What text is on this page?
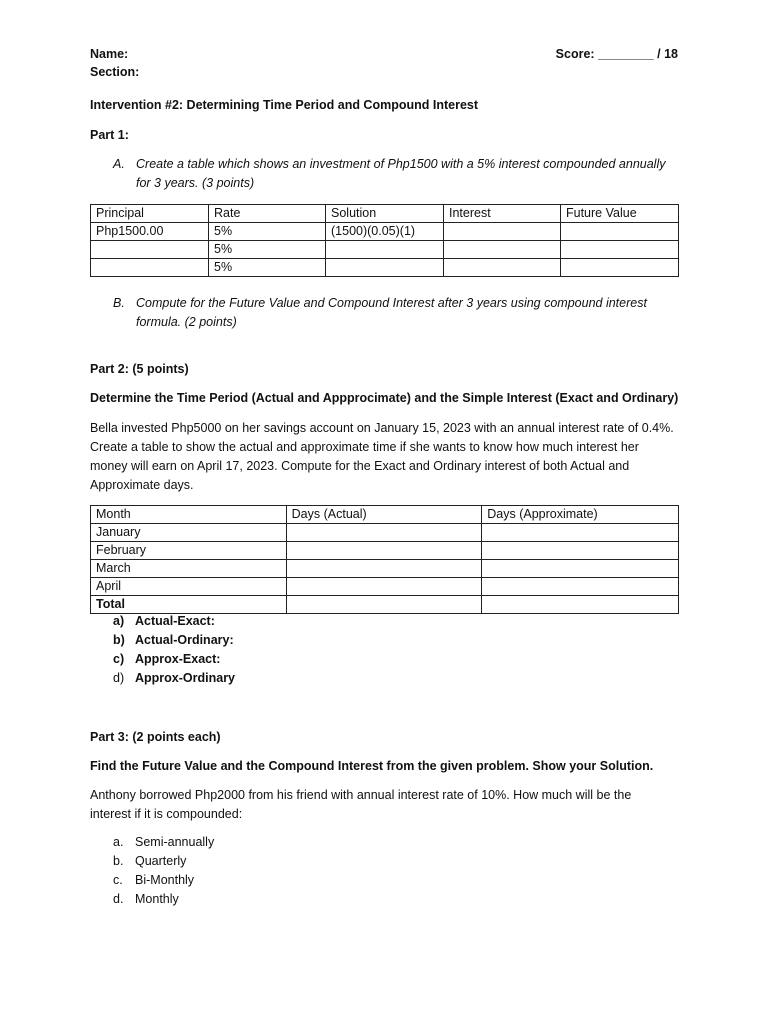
Name:
Section:
Score: ________ / 18
Intervention #2: Determining Time Period and Compound Interest
Part 1:
A. Create a table which shows an investment of Php1500 with a 5% interest compounded annually
for 3 years. (3 points)
Principal	Rate	Solution	Interest	Future Value
Php1500.00	5%	(1500)(0.05)(1)		
	5%			
	5%			
B. Compute for the Future Value and Compound Interest after 3 years using compound interest
formula. (2 points)
Part 2: (5 points)
Determine the Time Period (Actual and Appprocimate) and the Simple Interest (Exact and Ordinary)
Bella invested Php5000 on her savings account on January 15, 2023 with an annual interest rate of 0.4%.
Create a table to show the actual and approximate time if she wants to know how much interest her
money will earn on April 17, 2023. Compute for the Exact and Ordinary interest of both Actual and
Approximate days.
Month	Days (Actual)	Days (Approximate)
January		
February		
March		
April		
Total		
a) Actual-Exact:
b) Actual-Ordinary:
c) Approx-Exact:
d) Approx-Ordinary
Part 3: (2 points each)
Find the Future Value and the Compound Interest from the given problem. Show your Solution.
Anthony borrowed Php2000 from his friend with annual interest rate of 10%. How much will be the
interest if it is compounded:
a. Semi-annually
b. Quarterly
c. Bi-Monthly
d. Monthly
